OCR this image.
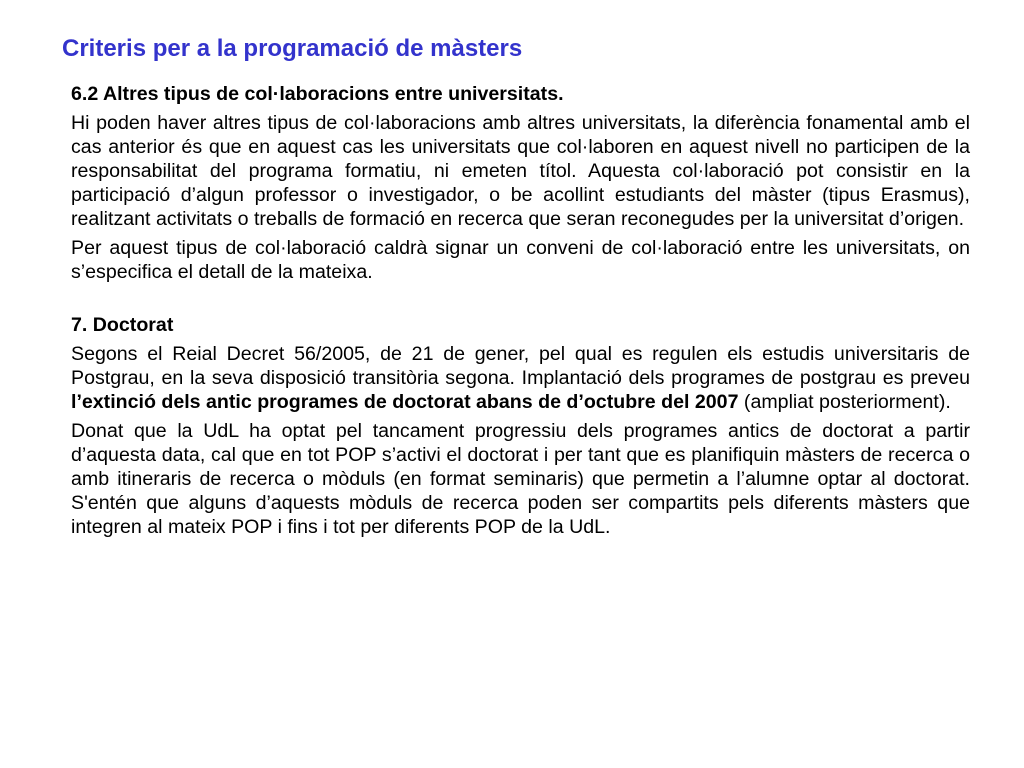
Criteris per a la programació de màsters

6.2 Altres tipus de col·laboracions entre universitats.

Hi poden haver altres tipus de col·laboracions amb altres universitats, la diferència fonamental amb el cas anterior és que en aquest cas les universitats que col·laboren en aquest nivell no participen de la responsabilitat del programa formatiu, ni emeten títol. Aquesta col·laboració pot consistir en la participació d’algun professor o investigador, o be acollint estudiants del màster (tipus Erasmus), realitzant activitats o treballs de formació en recerca que seran reconegudes per la universitat d’origen.

Per aquest tipus de col·laboració caldrà signar un conveni de col·laboració entre les universitats, on s’especifica el detall de la mateixa.

7. Doctorat

Segons el Reial Decret 56/2005, de 21 de gener, pel qual es regulen els estudis universitaris de Postgrau, en la seva disposició transitòria segona. Implantació dels programes de postgrau es preveu l’extinció dels antic programes de doctorat abans de d’octubre del 2007 (ampliat posteriorment).

Donat que la UdL ha optat pel tancament progressiu dels programes antics de doctorat a partir d’aquesta data, cal que en tot POP s’activi el doctorat i per tant que es planifiquin màsters de recerca o amb itineraris de recerca o mòduls (en format seminaris) que permetin a l’alumne optar al doctorat. S'entén que alguns d’aquests mòduls de recerca poden ser compartits pels diferents màsters que integren al mateix POP i fins i tot per diferents POP de la UdL.
